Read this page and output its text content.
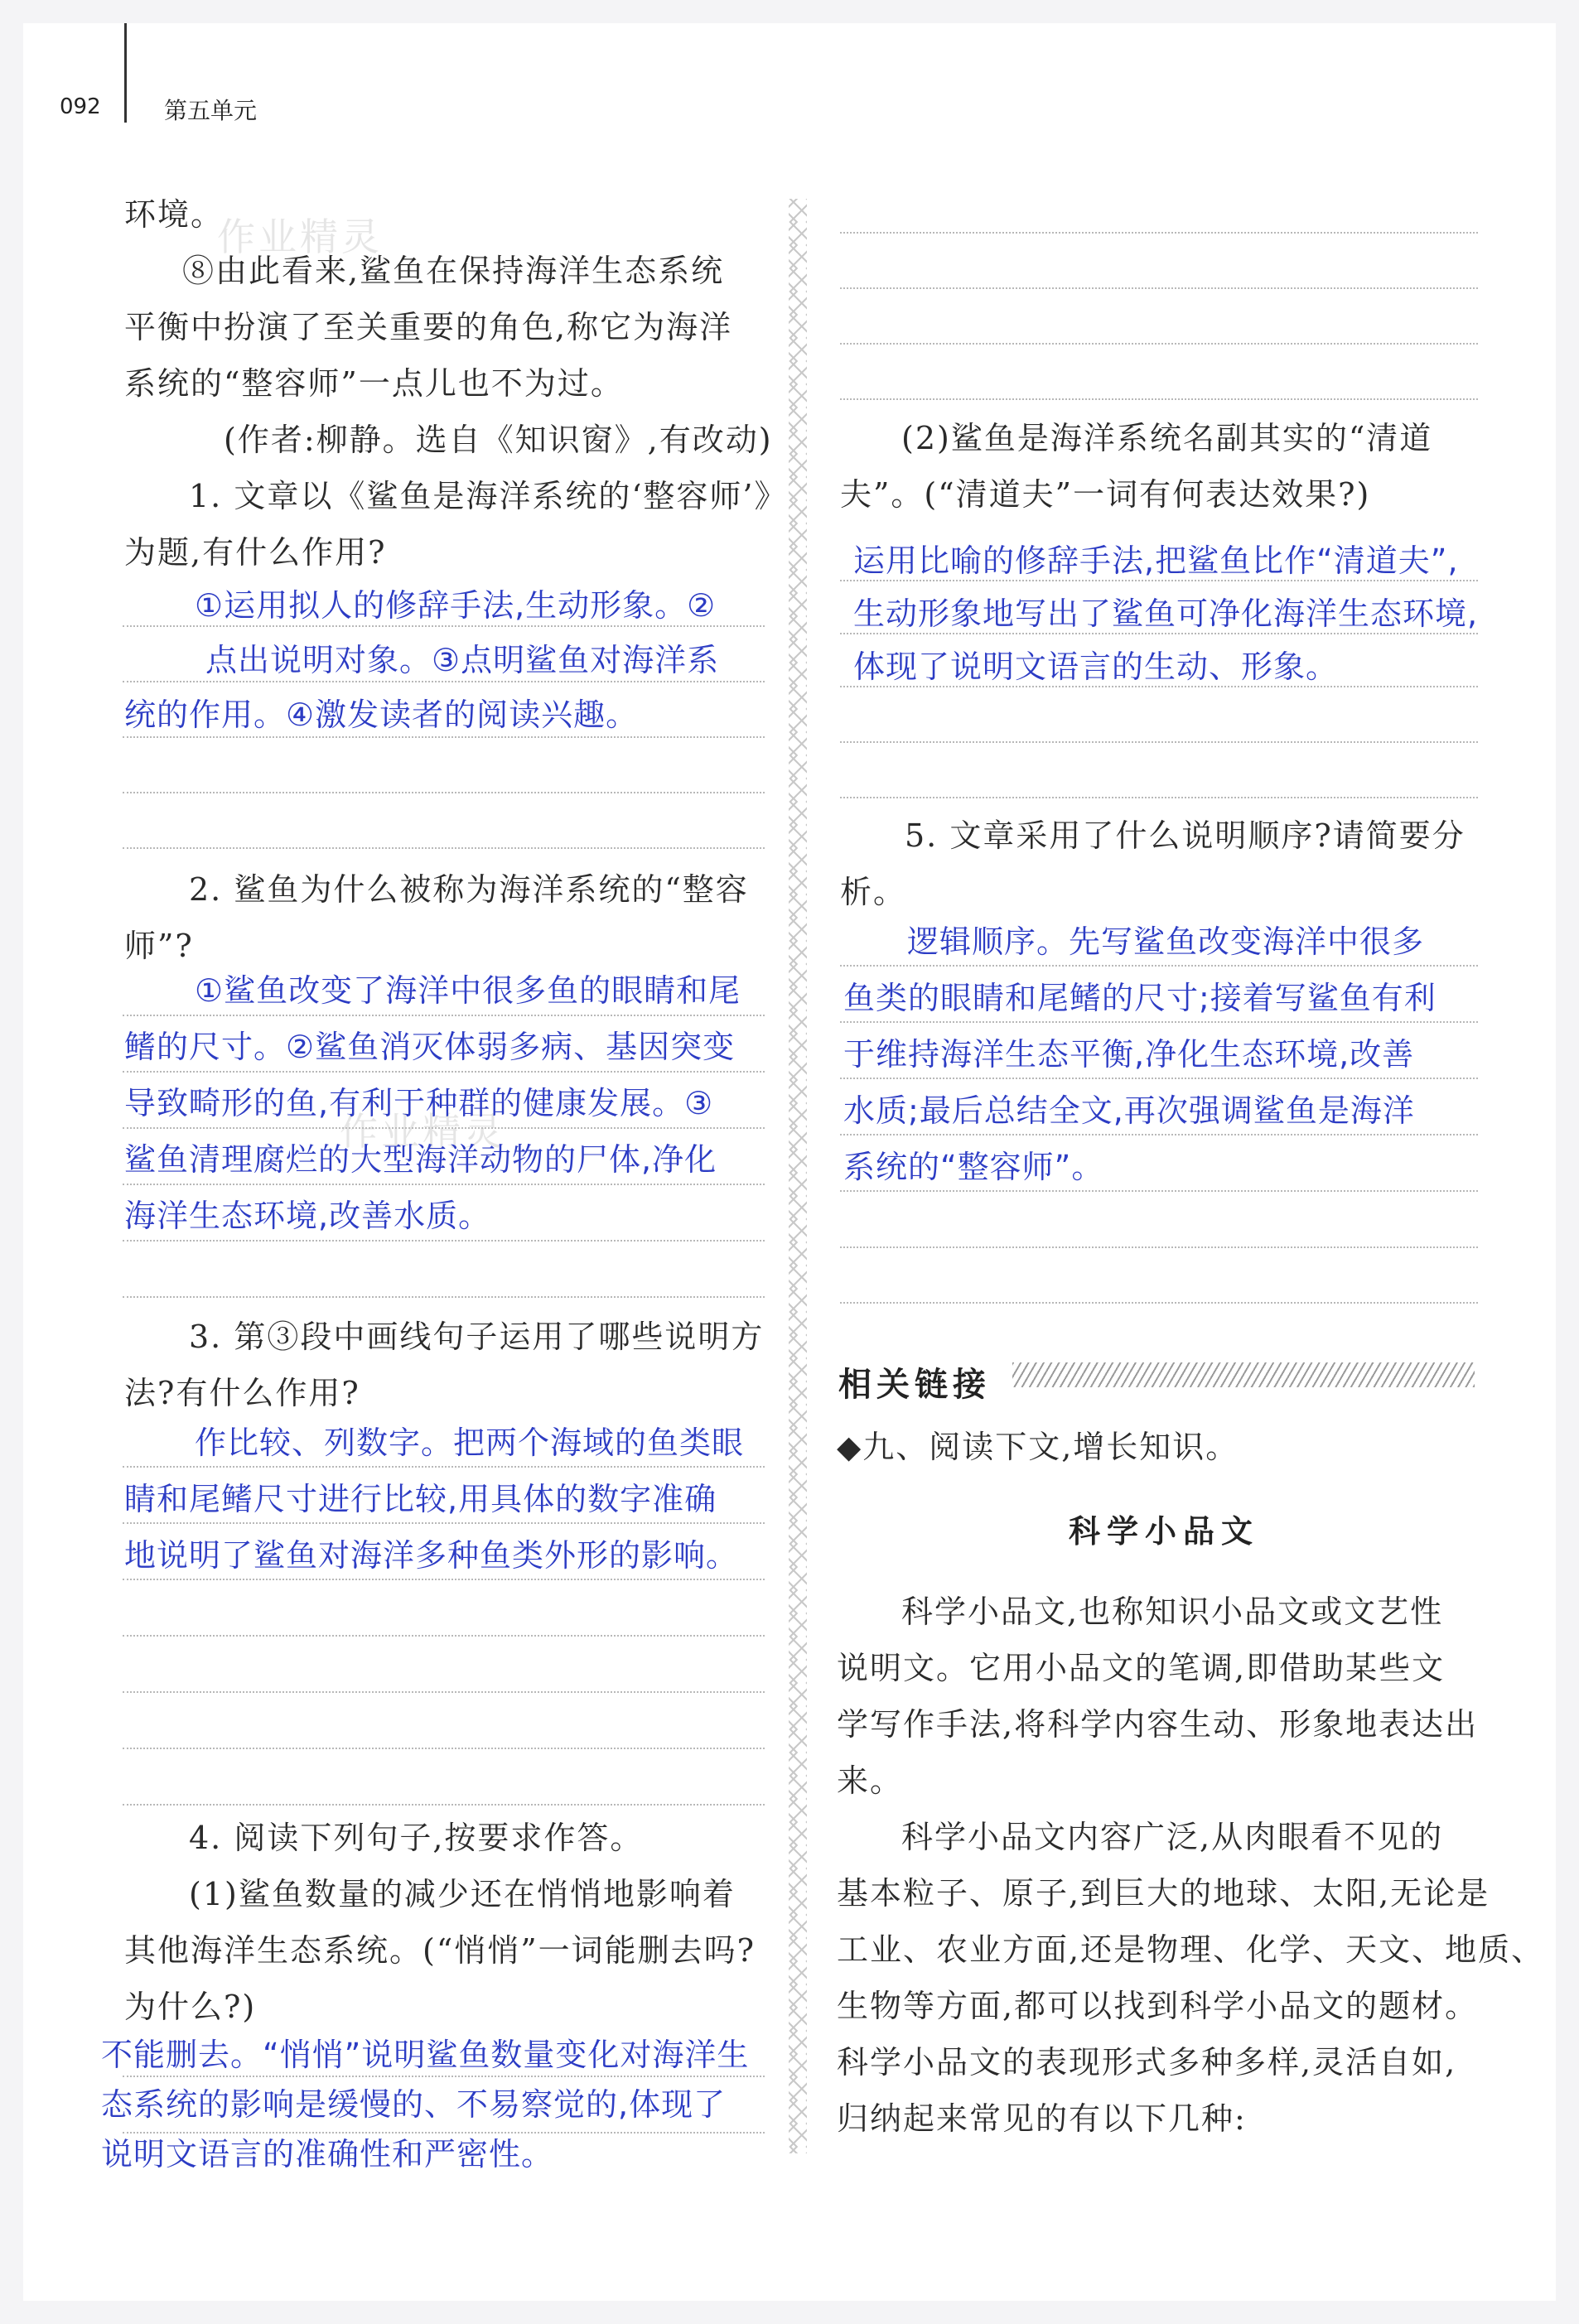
092	第五单元
作业精灵
作业精灵
环境。
⑧由此看来,鲨鱼在保持海洋生态系统
平衡中扮演了至关重要的角色,称它为海洋
系统的“整容师”一点儿也不为过。
(作者:柳静。选自《知识窗》,有改动)
1. 文章以《鲨鱼是海洋系统的‘整容师’》
为题,有什么作用?
①运用拟人的修辞手法,生动形象。②
点出说明对象。③点明鲨鱼对海洋系
统的作用。④激发读者的阅读兴趣。
2. 鲨鱼为什么被称为海洋系统的“整容
师”?
①鲨鱼改变了海洋中很多鱼的眼睛和尾
鳍的尺寸。②鲨鱼消灭体弱多病、基因突变
导致畸形的鱼,有利于种群的健康发展。③
鲨鱼清理腐烂的大型海洋动物的尸体,净化
海洋生态环境,改善水质。
3. 第③段中画线句子运用了哪些说明方
法?有什么作用?
作比较、列数字。把两个海域的鱼类眼
睛和尾鳍尺寸进行比较,用具体的数字准确
地说明了鲨鱼对海洋多种鱼类外形的影响。
4. 阅读下列句子,按要求作答。
(1)鲨鱼数量的减少还在悄悄地影响着
其他海洋生态系统。(“悄悄”一词能删去吗?
为什么?)
不能删去。“悄悄”说明鲨鱼数量变化对海洋生
态系统的影响是缓慢的、不易察觉的,体现了
说明文语言的准确性和严密性。
(2)鲨鱼是海洋系统名副其实的“清道
夫”。(“清道夫”一词有何表达效果?)
运用比喻的修辞手法,把鲨鱼比作“清道夫”,
生动形象地写出了鲨鱼可净化海洋生态环境,
体现了说明文语言的生动、形象。
5. 文章采用了什么说明顺序?请简要分
析。
逻辑顺序。先写鲨鱼改变海洋中很多
鱼类的眼睛和尾鳍的尺寸;接着写鲨鱼有利
于维持海洋生态平衡,净化生态环境,改善
水质;最后总结全文,再次强调鲨鱼是海洋
系统的“整容师”。
相关链接
◆九、阅读下文,增长知识。
科学小品文
科学小品文,也称知识小品文或文艺性
说明文。它用小品文的笔调,即借助某些文
学写作手法,将科学内容生动、形象地表达出
来。
科学小品文内容广泛,从肉眼看不见的
基本粒子、原子,到巨大的地球、太阳,无论是
工业、农业方面,还是物理、化学、天文、地质、
生物等方面,都可以找到科学小品文的题材。
科学小品文的表现形式多种多样,灵活自如,
归纳起来常见的有以下几种:
